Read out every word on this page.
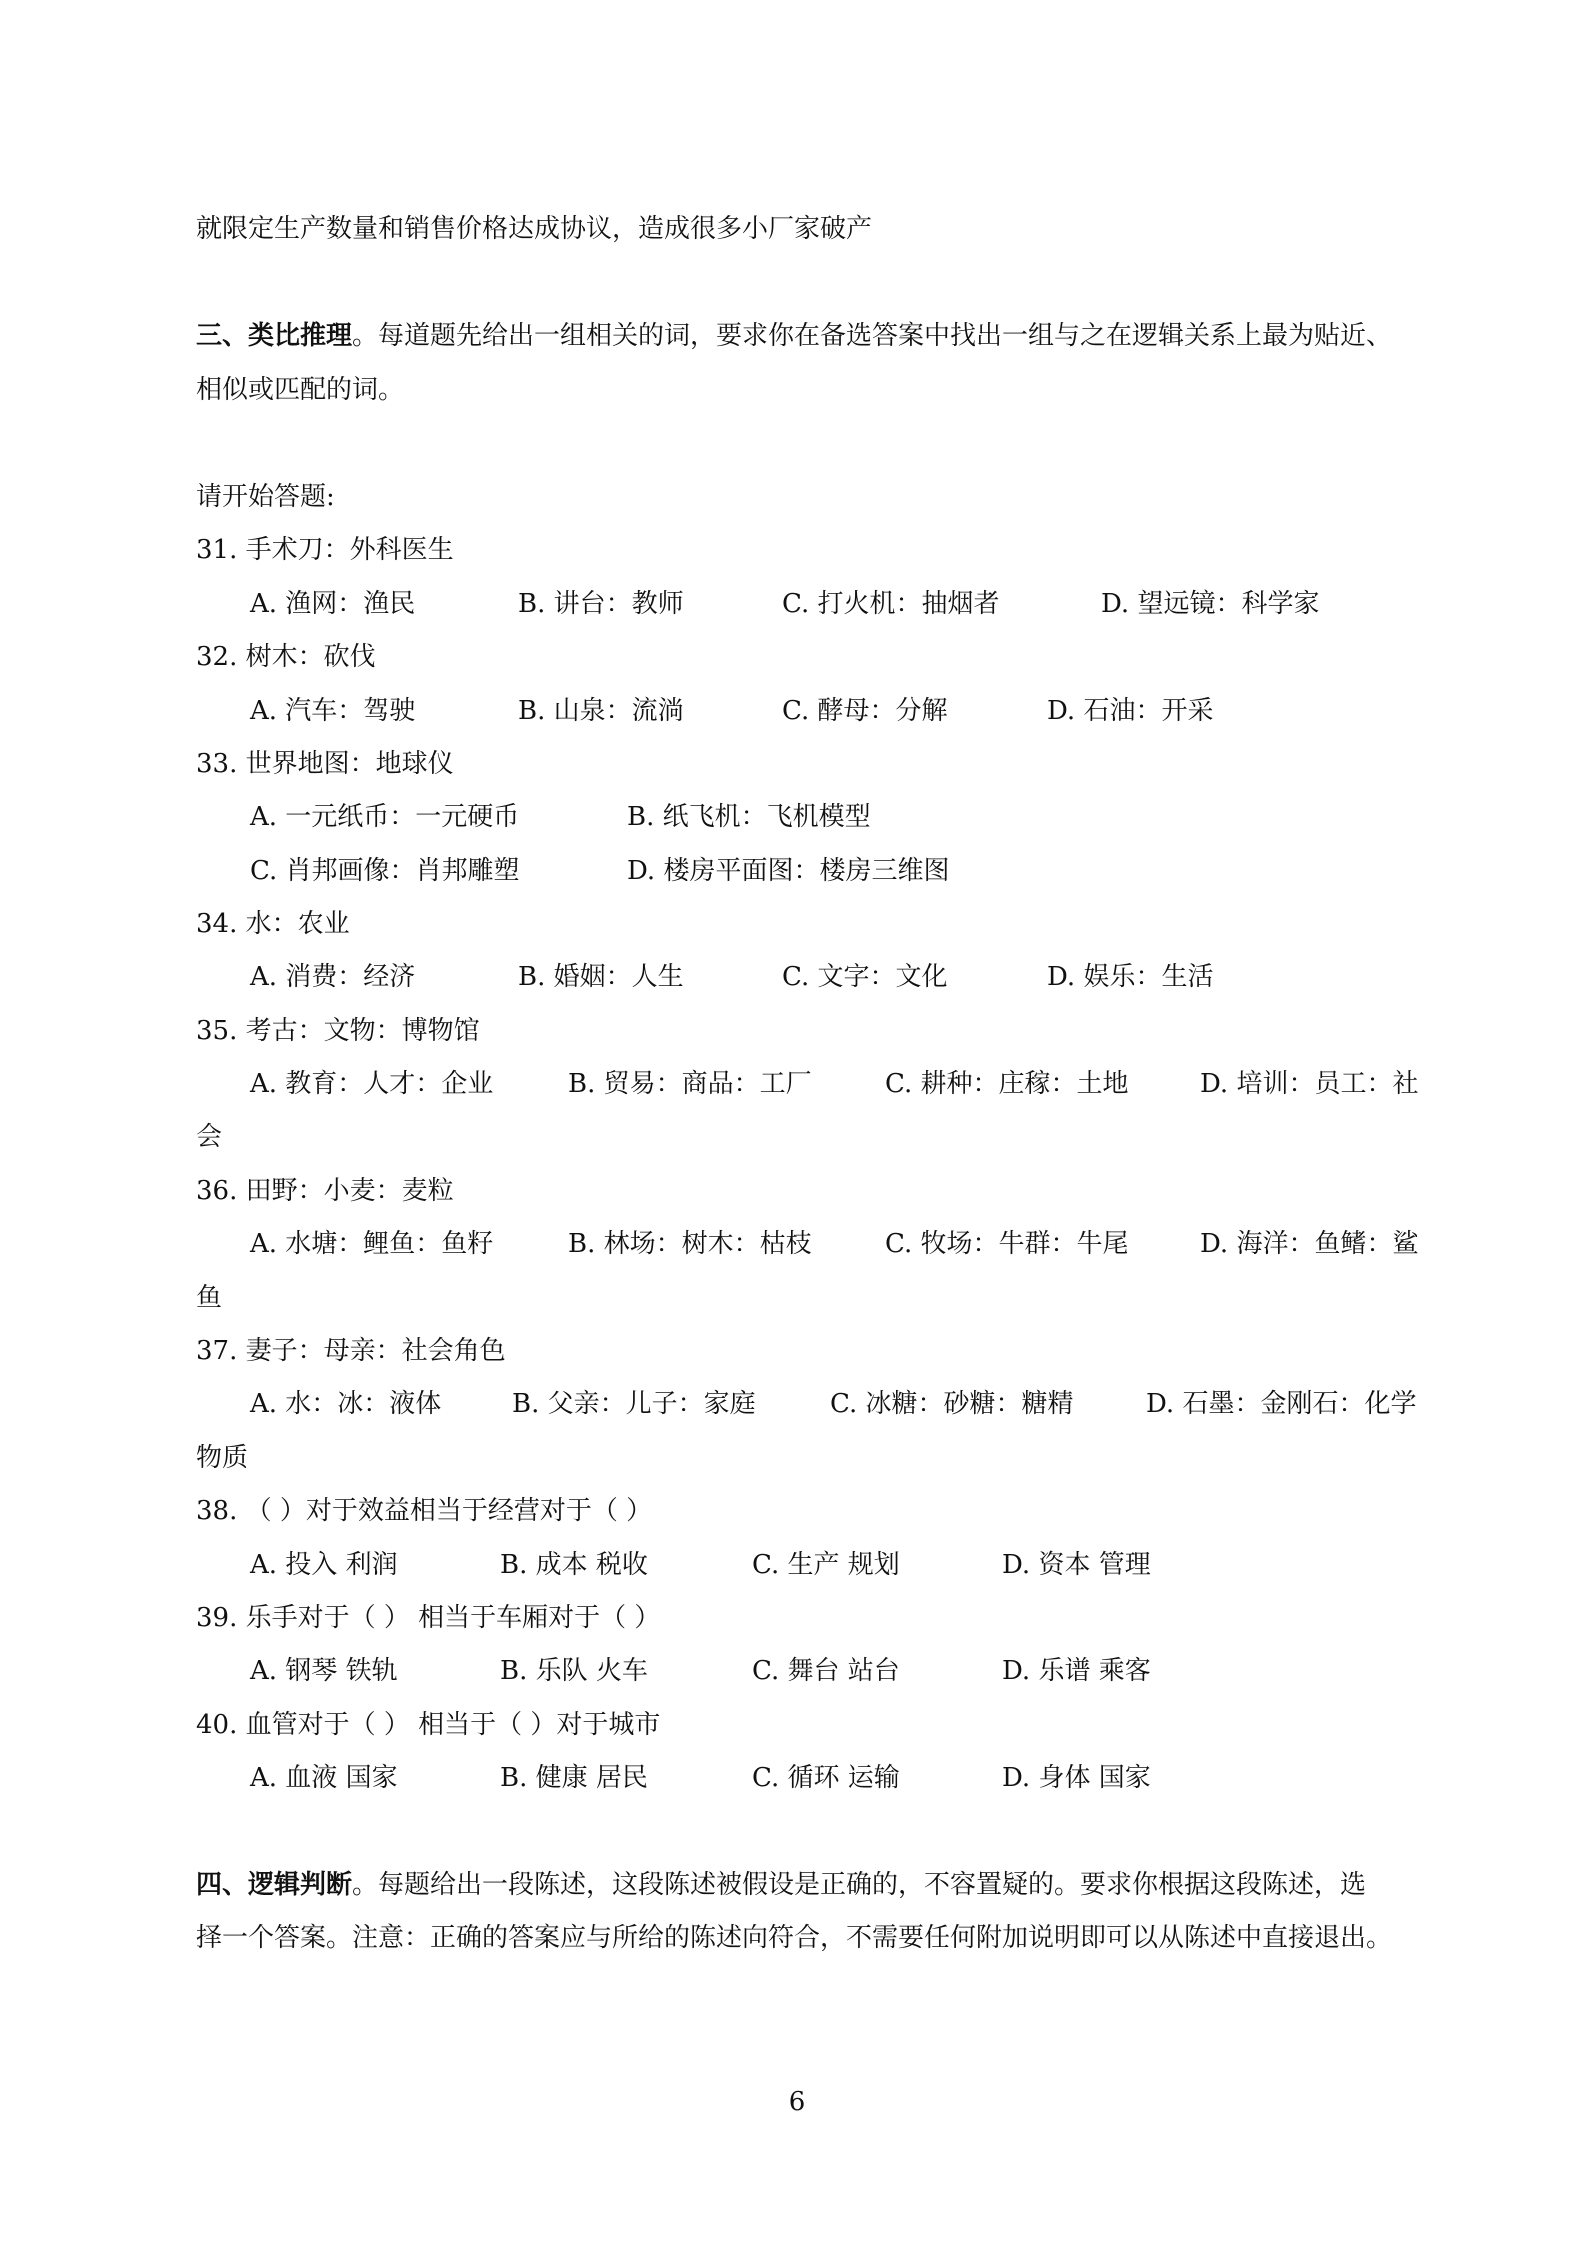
就限定生产数量和销售价格达成协议，造成很多小厂家破产
三、类比推理。每道题先给出一组相关的词，要求你在备选答案中找出一组与之在逻辑关系上最为贴近、
相似或匹配的词。
请开始答题:
31. 手术刀：外科医生
A. 渔网：渔民	B. 讲台：教师	C. 打火机：抽烟者	D. 望远镜：科学家
32. 树木：砍伐
A. 汽车：驾驶	B. 山泉：流淌	C. 酵母：分解	D. 石油：开采
33. 世界地图：地球仪
A. 一元纸币：一元硬币	B. 纸飞机：飞机模型
C. 肖邦画像：肖邦雕塑	D. 楼房平面图：楼房三维图
34. 水：农业
A. 消费：经济	B. 婚姻：人生	C. 文字：文化	D. 娱乐：生活
35. 考古：文物：博物馆
A. 教育：人才：企业	B. 贸易：商品：工厂	C. 耕种：庄稼：土地	D. 培训：员工：社
会
36. 田野：小麦：麦粒
A. 水塘：鲤鱼：鱼籽	B. 林场：树木：枯枝	C. 牧场：牛群：牛尾	D. 海洋：鱼鳍：鲨
鱼
37. 妻子：母亲：社会角色
A. 水：冰：液体	B. 父亲：儿子：家庭	C. 冰糖：砂糖：糖精	D. 石墨：金刚石：化学
物质
38. （ ）对于效益相当于经营对于（ ）
A. 投入 利润	B. 成本 税收	C. 生产 规划	D. 资本 管理
39. 乐手对于（ ） 相当于车厢对于（ ）
A. 钢琴 铁轨	B. 乐队 火车	C. 舞台 站台	D. 乐谱 乘客
40. 血管对于（ ） 相当于（ ）对于城市
A. 血液 国家	B. 健康 居民	C. 循环 运输	D. 身体 国家
四、逻辑判断。每题给出一段陈述，这段陈述被假设是正确的，不容置疑的。要求你根据这段陈述，选
择一个答案。注意：正确的答案应与所给的陈述向符合，不需要任何附加说明即可以从陈述中直接退出。
6
